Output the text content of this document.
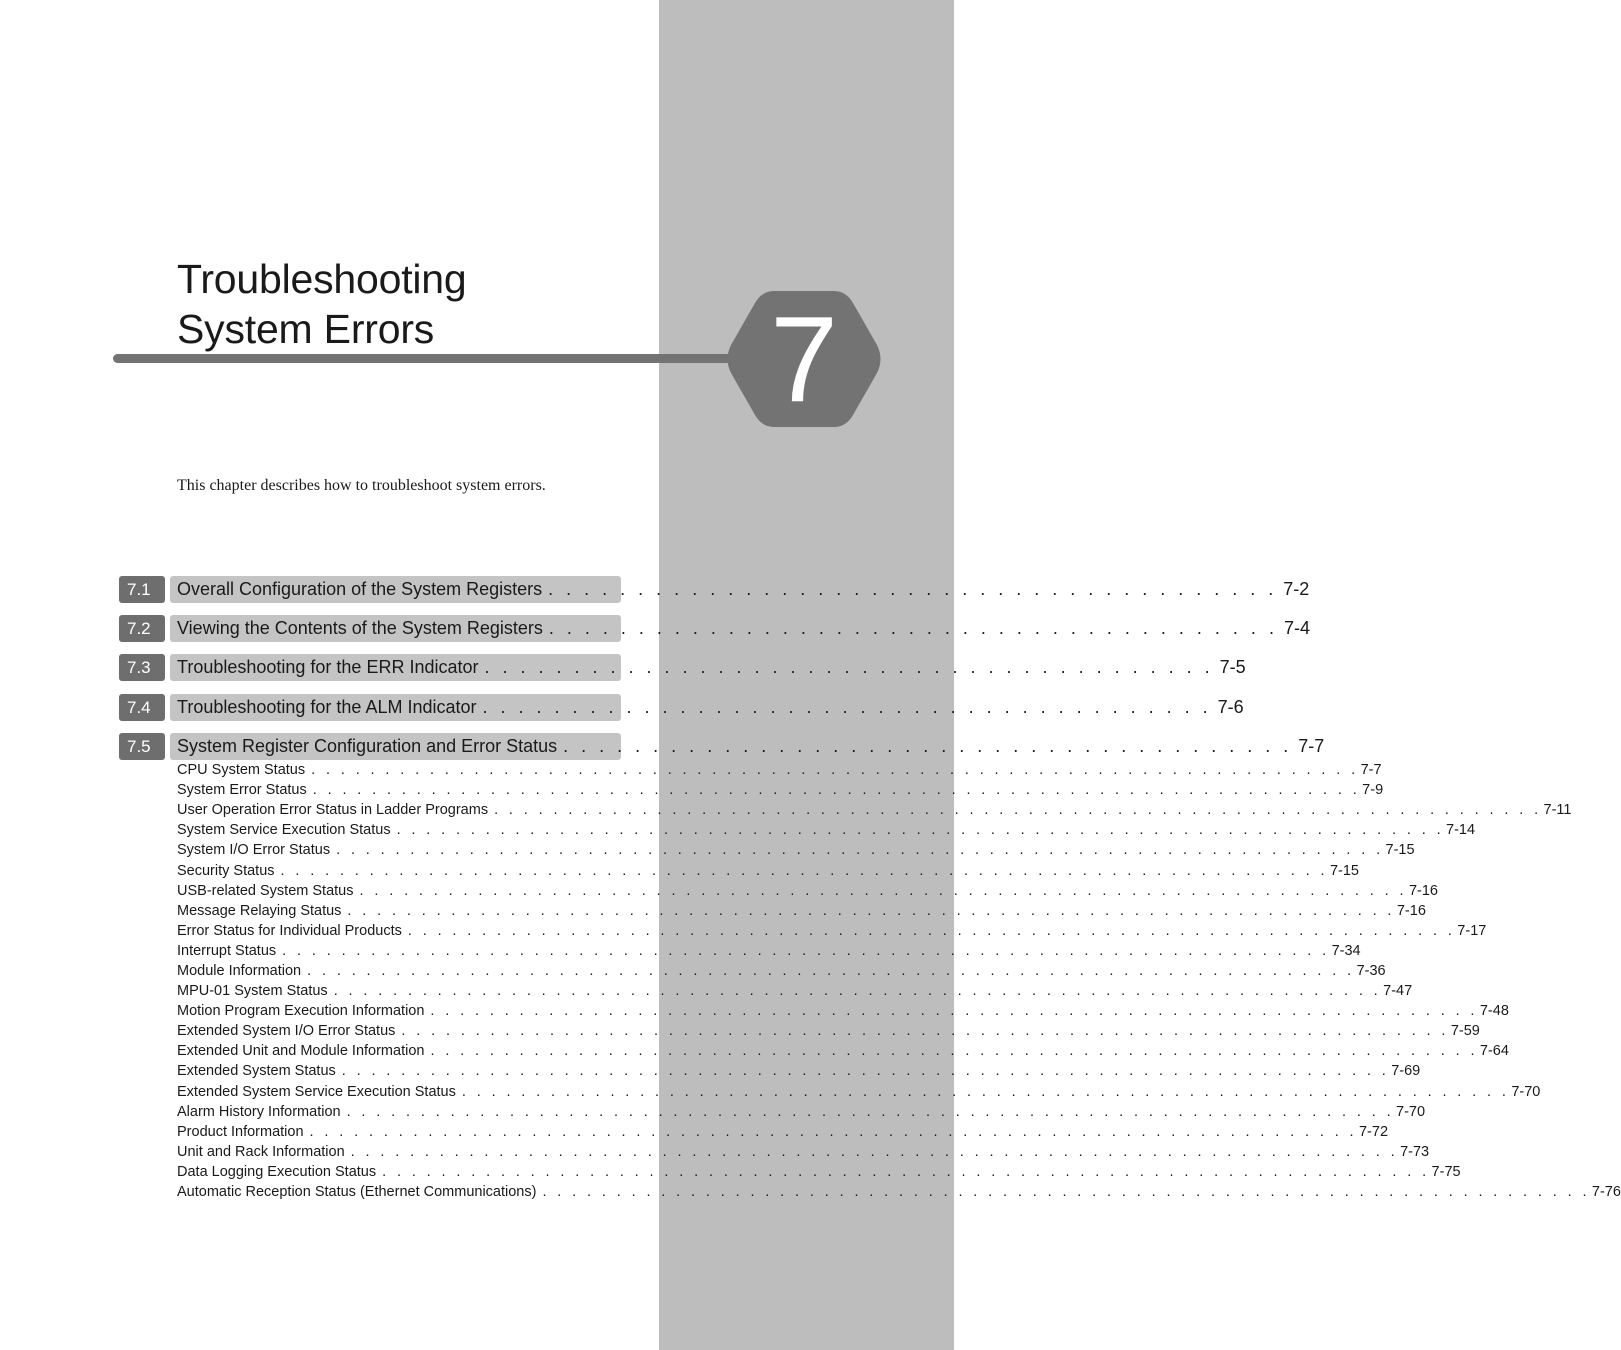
Troubleshooting
System Errors	7
This chapter describes how to troubleshoot system errors.
7.1	Overall Configuration of the System Registers . . . . . . . . . . . . . . . . . . . . . . . . . . . . . . . . . . . . . . . . . 7-2
7.2	Viewing the Contents of the System Registers . . . . . . . . . . . . . . . . . . . . . . . . . . . . . . . . . . . . . . . . . 7-4
7.3	Troubleshooting for the ERR Indicator . . . . . . . . . . . . . . . . . . . . . . . . . . . . . . . . . . . . . . . . . 7-5
7.4	Troubleshooting for the ALM Indicator . . . . . . . . . . . . . . . . . . . . . . . . . . . . . . . . . . . . . . . . . 7-6
7.5	System Register Configuration and Error Status . . . . . . . . . . . . . . . . . . . . . . . . . . . . . . . . . . . . . . . . . 7-7
CPU System Status . . . . . . . . . . . . . . . . . . . . . . . . . . . . . . . . . . . . . . . . . . . . . . . . . . . . . . . . . . . . . . . . . . . . . . . 7-7
System Error Status . . . . . . . . . . . . . . . . . . . . . . . . . . . . . . . . . . . . . . . . . . . . . . . . . . . . . . . . . . . . . . . . . . . . . . . 7-9
User Operation Error Status in Ladder Programs . . . . . . . . . . . . . . . . . . . . . . . . . . . . . . . . . . . . . . . . . . . . . . . . . . . . . . . . . . . . . . . . . . . . . . . 7-11
System Service Execution Status . . . . . . . . . . . . . . . . . . . . . . . . . . . . . . . . . . . . . . . . . . . . . . . . . . . . . . . . . . . . . . . . . . . . . . . 7-14
System I/O Error Status . . . . . . . . . . . . . . . . . . . . . . . . . . . . . . . . . . . . . . . . . . . . . . . . . . . . . . . . . . . . . . . . . . . . . . . 7-15
Security Status . . . . . . . . . . . . . . . . . . . . . . . . . . . . . . . . . . . . . . . . . . . . . . . . . . . . . . . . . . . . . . . . . . . . . . . 7-15
USB-related System Status . . . . . . . . . . . . . . . . . . . . . . . . . . . . . . . . . . . . . . . . . . . . . . . . . . . . . . . . . . . . . . . . . . . . . . . 7-16
Message Relaying Status . . . . . . . . . . . . . . . . . . . . . . . . . . . . . . . . . . . . . . . . . . . . . . . . . . . . . . . . . . . . . . . . . . . . . . . 7-16
Error Status for Individual Products . . . . . . . . . . . . . . . . . . . . . . . . . . . . . . . . . . . . . . . . . . . . . . . . . . . . . . . . . . . . . . . . . . . . . . . 7-17
Interrupt Status . . . . . . . . . . . . . . . . . . . . . . . . . . . . . . . . . . . . . . . . . . . . . . . . . . . . . . . . . . . . . . . . . . . . . . . 7-34
Module Information . . . . . . . . . . . . . . . . . . . . . . . . . . . . . . . . . . . . . . . . . . . . . . . . . . . . . . . . . . . . . . . . . . . . . . . 7-36
MPU-01 System Status . . . . . . . . . . . . . . . . . . . . . . . . . . . . . . . . . . . . . . . . . . . . . . . . . . . . . . . . . . . . . . . . . . . . . . . 7-47
Motion Program Execution Information . . . . . . . . . . . . . . . . . . . . . . . . . . . . . . . . . . . . . . . . . . . . . . . . . . . . . . . . . . . . . . . . . . . . . . . 7-48
Extended System I/O Error Status . . . . . . . . . . . . . . . . . . . . . . . . . . . . . . . . . . . . . . . . . . . . . . . . . . . . . . . . . . . . . . . . . . . . . . . 7-59
Extended Unit and Module Information . . . . . . . . . . . . . . . . . . . . . . . . . . . . . . . . . . . . . . . . . . . . . . . . . . . . . . . . . . . . . . . . . . . . . . . 7-64
Extended System Status . . . . . . . . . . . . . . . . . . . . . . . . . . . . . . . . . . . . . . . . . . . . . . . . . . . . . . . . . . . . . . . . . . . . . . . 7-69
Extended System Service Execution Status . . . . . . . . . . . . . . . . . . . . . . . . . . . . . . . . . . . . . . . . . . . . . . . . . . . . . . . . . . . . . . . . . . . . . . . 7-70
Alarm History Information . . . . . . . . . . . . . . . . . . . . . . . . . . . . . . . . . . . . . . . . . . . . . . . . . . . . . . . . . . . . . . . . . . . . . . . 7-70
Product Information . . . . . . . . . . . . . . . . . . . . . . . . . . . . . . . . . . . . . . . . . . . . . . . . . . . . . . . . . . . . . . . . . . . . . . . 7-72
Unit and Rack Information . . . . . . . . . . . . . . . . . . . . . . . . . . . . . . . . . . . . . . . . . . . . . . . . . . . . . . . . . . . . . . . . . . . . . . . 7-73
Data Logging Execution Status . . . . . . . . . . . . . . . . . . . . . . . . . . . . . . . . . . . . . . . . . . . . . . . . . . . . . . . . . . . . . . . . . . . . . . . 7-75
Automatic Reception Status (Ethernet Communications) . . . . . . . . . . . . . . . . . . . . . . . . . . . . . . . . . . . . . . . . . . . . . . . . . . . . . . . . . . . . . . . . . . . . . . . 7-76
